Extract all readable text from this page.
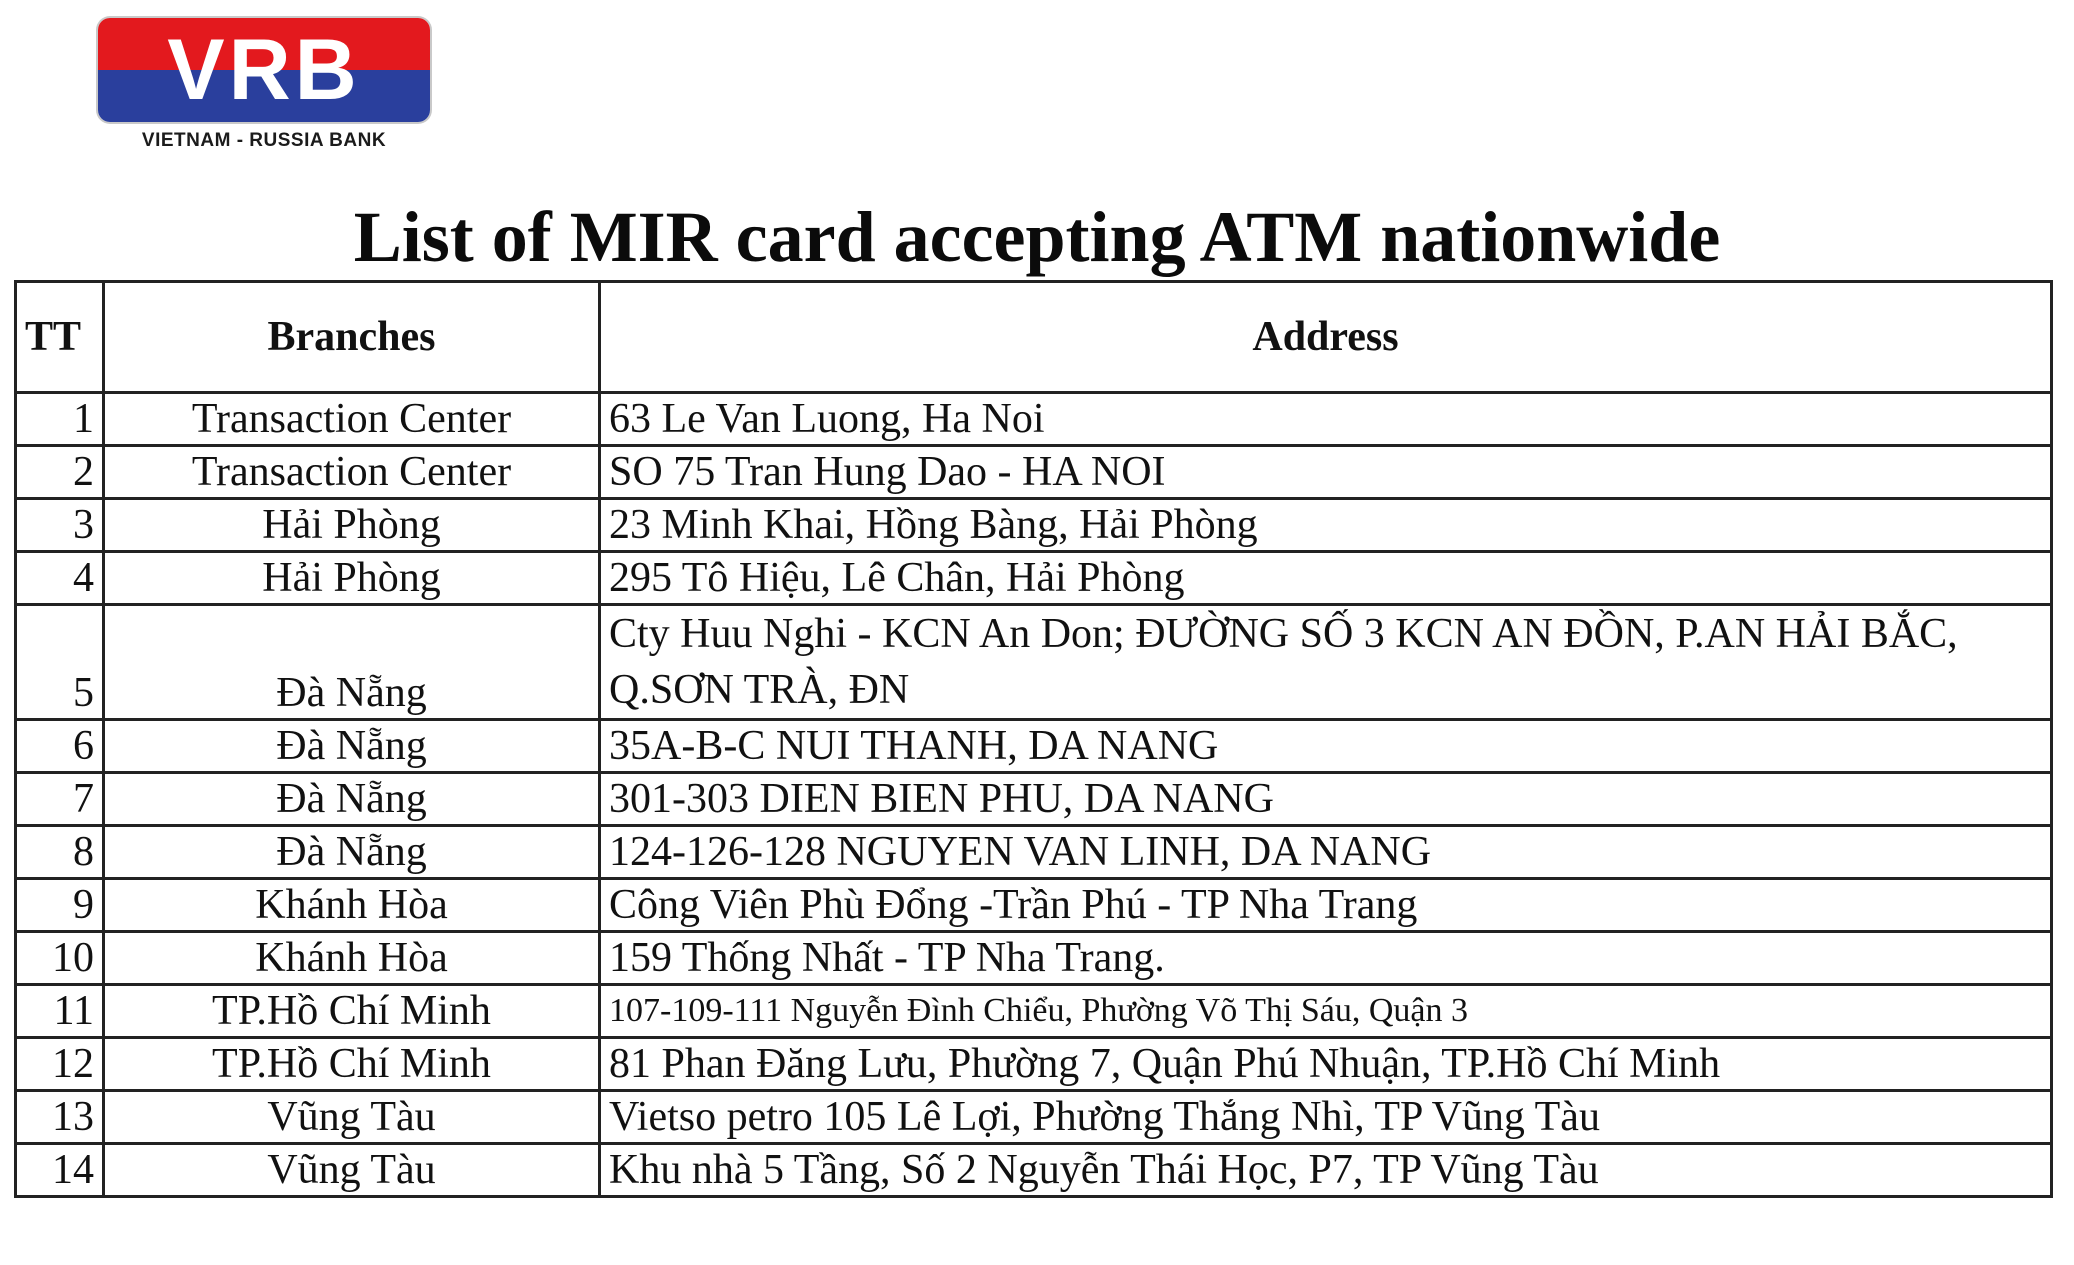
VRB
VIETNAM - RUSSIA BANK
List of MIR card accepting ATM nationwide
TT	Branches	Address
1	Transaction Center	63 Le Van Luong, Ha Noi
2	Transaction Center	SO 75 Tran Hung Dao - HA NOI
3	Hải Phòng	23 Minh Khai, Hồng Bàng, Hải Phòng
4	Hải Phòng	295 Tô Hiệu, Lê Chân, Hải Phòng
5	Đà Nẵng	Cty Huu Nghi - KCN An Don; ĐƯỜNG SỐ 3 KCN AN ĐỒN, P.AN HẢI BẮC, Q.SƠN TRÀ, ĐN
6	Đà Nẵng	35A-B-C NUI THANH, DA NANG
7	Đà Nẵng	301-303 DIEN BIEN PHU, DA NANG
8	Đà Nẵng	124-126-128 NGUYEN VAN LINH, DA NANG
9	Khánh Hòa	Công Viên Phù Đổng -Trần Phú - TP Nha Trang
10	Khánh Hòa	159 Thống Nhất - TP Nha Trang.
11	TP.Hồ Chí Minh	107-109-111 Nguyễn Đình Chiểu, Phường Võ Thị Sáu, Quận 3
12	TP.Hồ Chí Minh	81 Phan Đăng Lưu, Phường 7, Quận Phú Nhuận, TP.Hồ Chí Minh
13	Vũng Tàu	Vietso petro 105 Lê Lợi, Phường Thắng Nhì, TP Vũng Tàu
14	Vũng Tàu	Khu nhà 5 Tầng, Số 2 Nguyễn Thái Học, P7, TP Vũng Tàu
